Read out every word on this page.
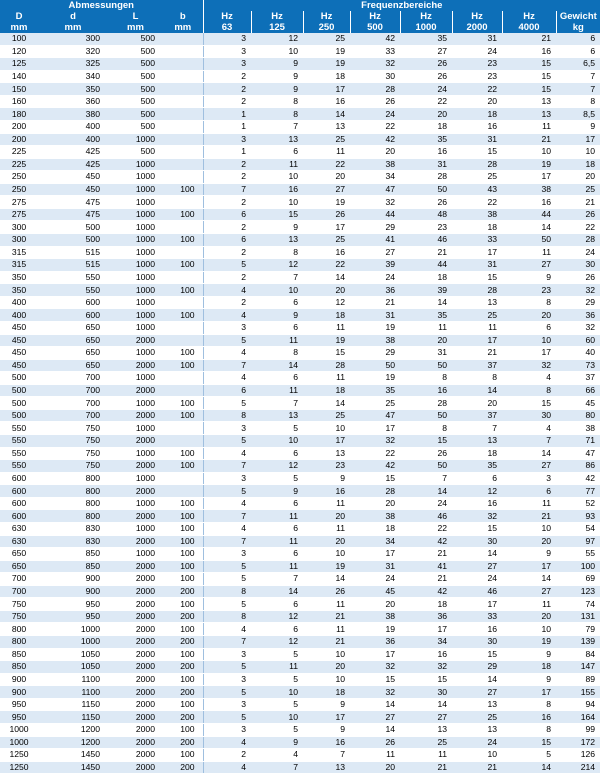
Abmessungen				Frequenzbereiche							
D	d	L	b	Hz	Hz	Hz	Hz	Hz	Hz	Hz	Gewicht
mm	mm	mm	mm	63	125	250	500	1000	2000	4000	kg
100	300	500		3	12	25	42	35	31	21	6
120	320	500		3	10	19	33	27	24	16	6
125	325	500		3	9	19	32	26	23	15	6,5
140	340	500		2	9	18	30	26	23	15	7
150	350	500		2	9	17	28	24	22	15	7
160	360	500		2	8	16	26	22	20	13	8
180	380	500		1	8	14	24	20	18	13	8,5
200	400	500		1	7	13	22	18	16	11	9
200	400	1000		3	13	25	42	35	31	21	17
225	425	500		1	6	11	20	16	15	10	10
225	425	1000		2	11	22	38	31	28	19	18
250	450	1000		2	10	20	34	28	25	17	20
250	450	1000	100	7	16	27	47	50	43	38	25
275	475	1000		2	10	19	32	26	22	16	21
275	475	1000	100	6	15	26	44	48	38	44	26
300	500	1000		2	9	17	29	23	18	14	22
300	500	1000	100	6	13	25	41	46	33	50	28
315	515	1000		2	8	16	27	21	17	11	24
315	515	1000	100	5	12	22	39	44	31	27	30
350	550	1000		2	7	14	24	18	15	9	26
350	550	1000	100	4	10	20	36	39	28	23	32
400	600	1000		2	6	12	21	14	13	8	29
400	600	1000	100	4	9	18	31	35	25	20	36
450	650	1000		3	6	11	19	11	11	6	32
450	650	2000		5	11	19	38	20	17	10	60
450	650	1000	100	4	8	15	29	31	21	17	40
450	650	2000	100	7	14	28	50	50	37	32	73
500	700	1000		4	6	11	19	8	8	4	37
500	700	2000		6	11	18	35	16	14	8	66
500	700	1000	100	5	7	14	25	28	20	15	45
500	700	2000	100	8	13	25	47	50	37	30	80
550	750	1000		3	5	10	17	8	7	4	38
550	750	2000		5	10	17	32	15	13	7	71
550	750	1000	100	4	6	13	22	26	18	14	47
550	750	2000	100	7	12	23	42	50	35	27	86
600	800	1000		3	5	9	15	7	6	3	42
600	800	2000		5	9	16	28	14	12	6	77
600	800	1000	100	4	6	11	20	24	16	11	52
600	800	2000	100	7	11	20	38	46	32	21	93
630	830	1000	100	4	6	11	18	22	15	10	54
630	830	2000	100	7	11	20	34	42	30	20	97
650	850	1000	100	3	6	10	17	21	14	9	55
650	850	2000	100	5	11	19	31	41	27	17	100
700	900	2000	100	5	7	14	24	21	24	14	69
700	900	2000	200	8	14	26	45	42	46	27	123
750	950	2000	100	5	6	11	20	18	17	11	74
750	950	2000	200	8	12	21	38	36	33	20	131
800	1000	2000	100	4	6	11	19	17	16	10	79
800	1000	2000	200	7	12	21	36	34	30	19	139
850	1050	2000	100	3	5	10	17	16	15	9	84
850	1050	2000	200	5	11	20	32	32	29	18	147
900	1100	2000	100	3	5	10	15	15	14	9	89
900	1100	2000	200	5	10	18	32	30	27	17	155
950	1150	2000	100	3	5	9	14	14	13	8	94
950	1150	2000	200	5	10	17	27	27	25	16	164
1000	1200	2000	100	3	5	9	14	13	13	8	99
1000	1200	2000	200	4	9	16	26	25	24	15	172
1250	1450	2000	100	2	4	7	11	11	10	5	126
1250	1450	2000	200	4	7	13	20	21	21	14	214
